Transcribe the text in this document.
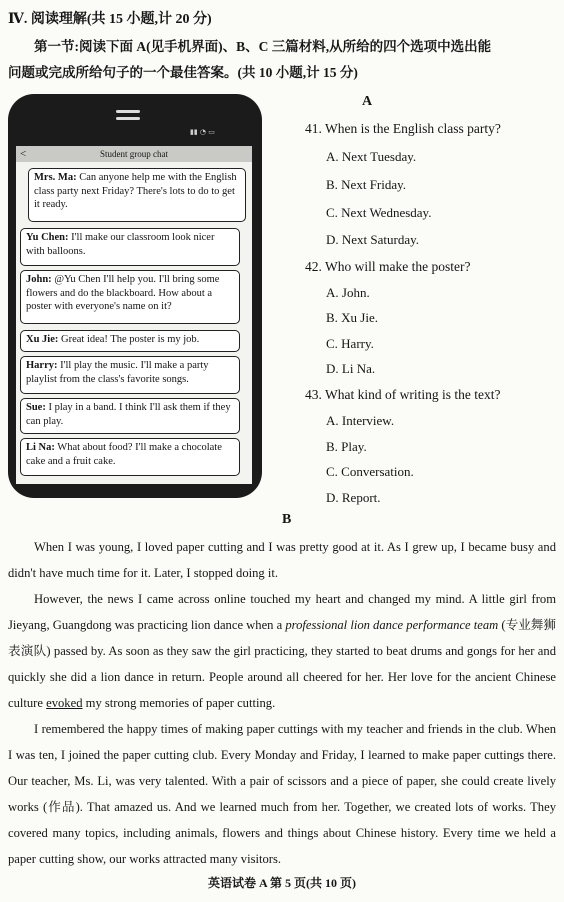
Ⅳ. 阅读理解(共 15 小题,计 20 分)
第一节:阅读下面 A(见手机界面)、B、C 三篇材料,从所给的四个选项中选出能
问题或完成所给句子的一个最佳答案。(共 10 小题,计 15 分)
▮▮ ◔ ▭
Student group chat
<
Mrs. Ma: Can anyone help me with the English class party next Friday? There's lots to do to get it ready.
Yu Chen: I'll make our classroom look nicer with balloons.
John: @Yu Chen I'll help you. I'll bring some flowers and do the blackboard. How about a poster with everyone's name on it?
Xu Jie: Great idea! The poster is my job.
Harry: I'll play the music. I'll make a party playlist from the class's favorite songs.
Sue: I play in a band. I think I'll ask them if they can play.
Li Na: What about food? I'll make a chocolate cake and a fruit cake.
A
41. When is the English class party?
A. Next Tuesday.
B. Next Friday.
C. Next Wednesday.
D. Next Saturday.
42. Who will make the poster?
A. John.
B. Xu Jie.
C. Harry.
D. Li Na.
43. What kind of writing is the text?
A. Interview.
B. Play.
C. Conversation.
D. Report.
B

When I was young, I loved paper cutting and I was pretty good at it. As I grew up, I became busy and didn't have much time for it. Later, I stopped doing it.

However, the news I came across online touched my heart and changed my mind. A little girl from Jieyang, Guangdong was practicing lion dance when a professional lion dance performance team (专业舞狮表演队) passed by. As soon as they saw the girl practicing, they started to beat drums and gongs for her and quickly she did a lion dance in return. People around all cheered for her. Her love for the ancient Chinese culture evoked my strong memories of paper cutting.

I remembered the happy times of making paper cuttings with my teacher and friends in the club. When I was ten, I joined the paper cutting club. Every Monday and Friday, I learned to make paper cuttings there. Our teacher, Ms. Li, was very talented. With a pair of scissors and a piece of paper, she could create lively works (作品). That amazed us. And we learned much from her. Together, we created lots of works. They covered many topics, including animals, flowers and things about Chinese history. Every time we held a paper cutting show, our works attracted many visitors.

英语试卷 A 第 5 页(共 10 页)
